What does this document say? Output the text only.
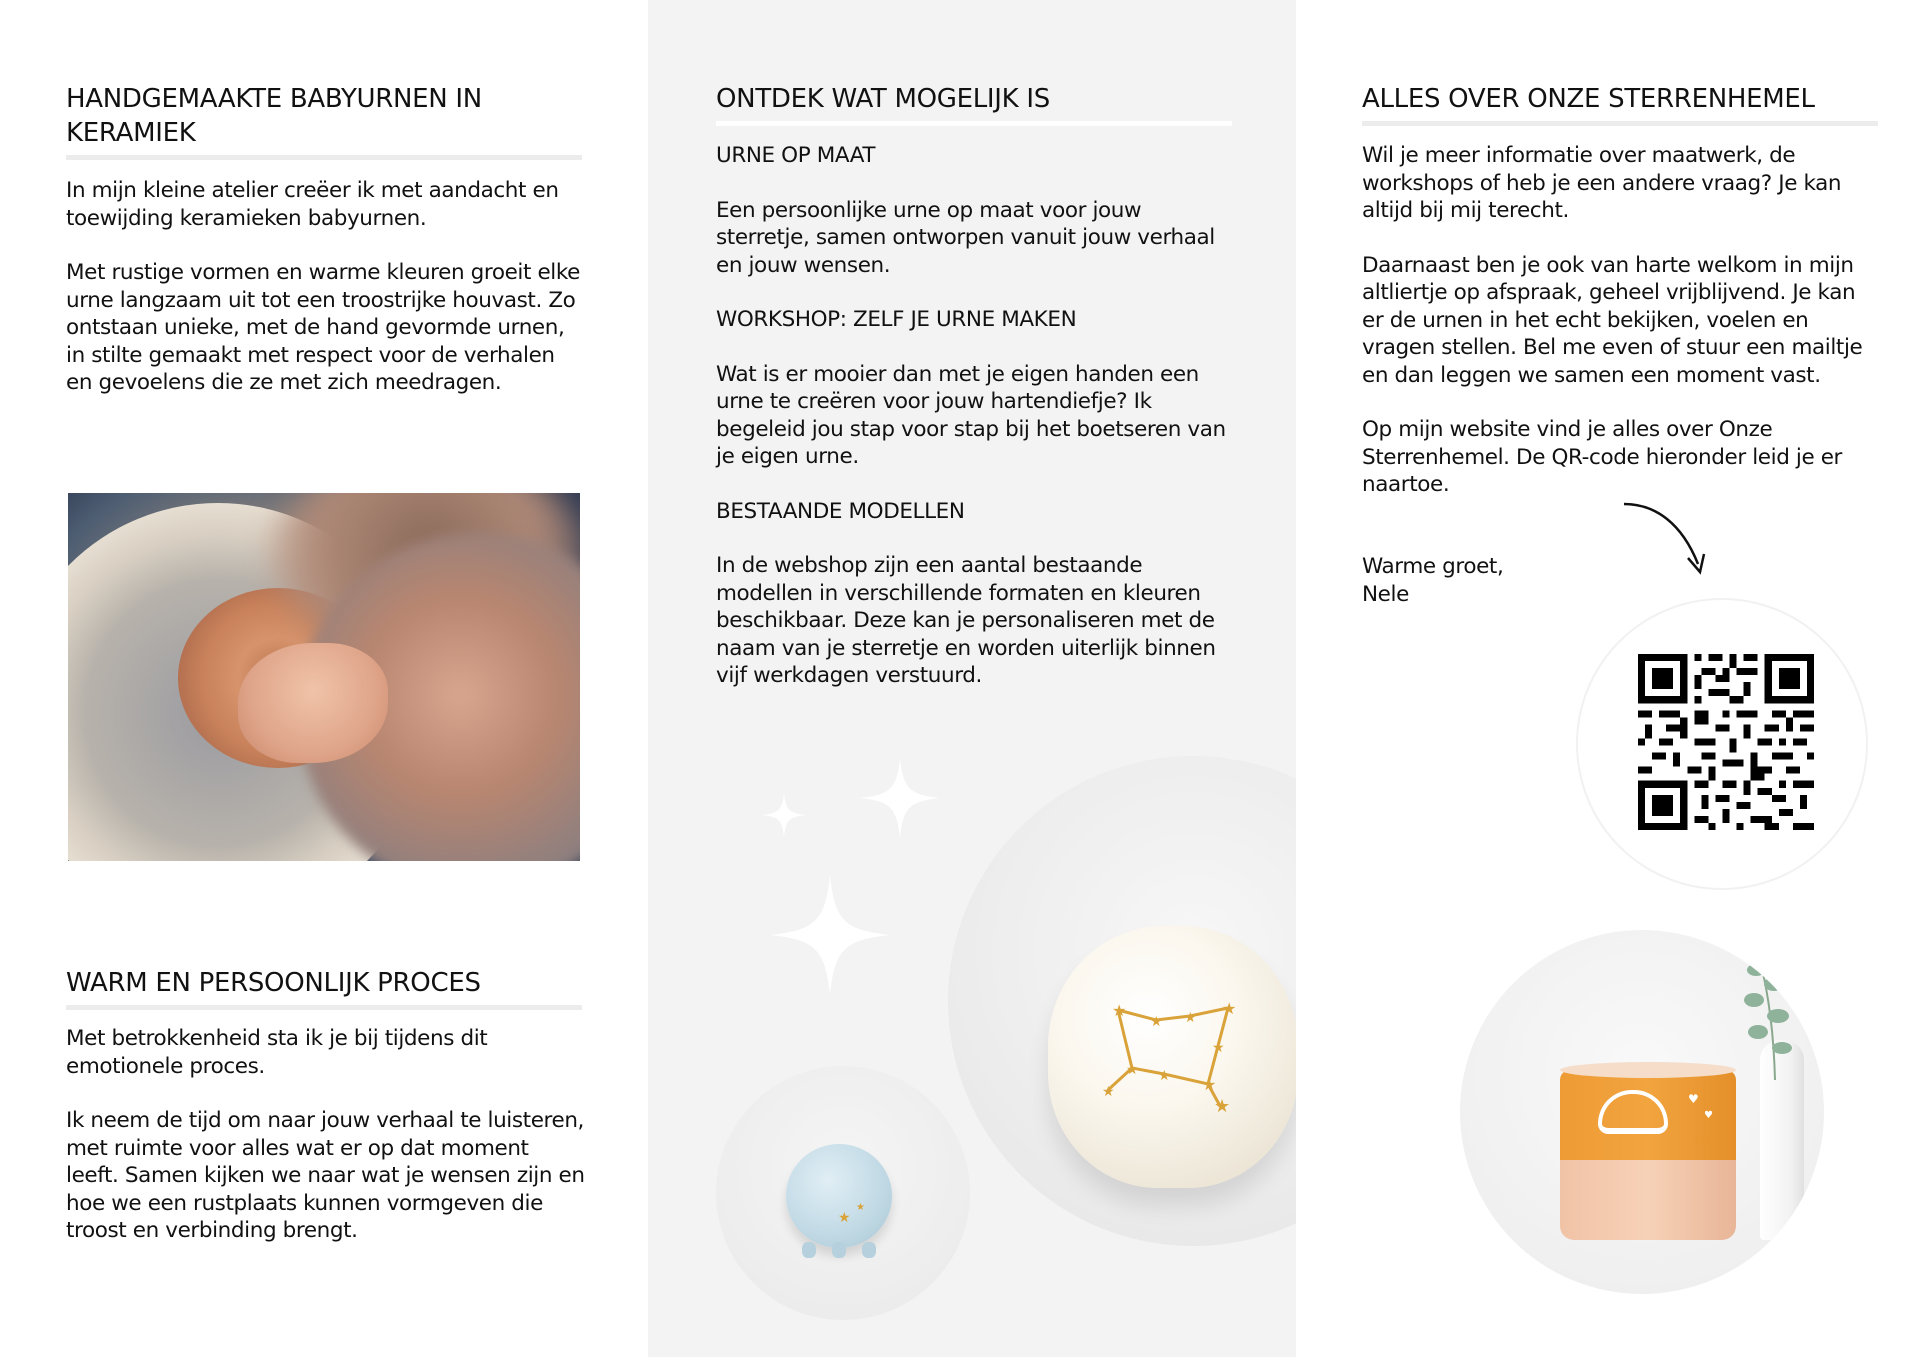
HANDGEMAAKTE BABYURNEN IN KERAMIEK

In mijn kleine atelier creëer ik met aandacht en toewijding keramieken babyurnen.

Met rustige vormen en warme kleuren groeit elke urne langzaam uit tot een troostrijke houvast. Zo ontstaan unieke, met de hand gevormde urnen, in stilte gemaakt met respect voor de verhalen en gevoelens die ze met zich meedragen.

WARM EN PERSOONLIJK PROCES

Met betrokkenheid sta ik je bij tijdens dit emotionele proces.

Ik neem de tijd om naar jouw verhaal te luisteren, met ruimte voor alles wat er op dat moment leeft. Samen kijken we naar wat je wensen zijn en hoe we een rustplaats kunnen vormgeven die troost en verbinding brengt.

ONTDEK WAT MOGELIJK IS

URNE OP MAAT

Een persoonlijke urne op maat voor jouw sterretje, samen ontworpen vanuit jouw verhaal en jouw wensen.

WORKSHOP: ZELF JE URNE MAKEN

Wat is er mooier dan met je eigen handen een urne te creëren voor jouw hartendiefje? Ik begeleid jou stap voor stap bij het boetseren van je eigen urne.

BESTAANDE MODELLEN

In de webshop zijn een aantal bestaande modellen in verschillende formaten en kleuren beschikbaar. Deze kan je personaliseren met de naam van je sterretje en worden uiterlijk binnen vijf werkdagen verstuurd.

★
★ ★ ★
★
★
★
★
★
★
★
★
ALLES OVER ONZE STERRENHEMEL

Wil je meer informatie over maatwerk, de workshops of heb je een andere vraag? Je kan altijd bij mij terecht.

Daarnaast ben je ook van harte welkom in mijn altliertje op afspraak, geheel vrijblijvend. Je kan er de urnen in het echt bekijken, voelen en vragen stellen. Bel me even of stuur een mailtje en dan leggen we samen een moment vast.

Op mijn website vind je alles over Onze Sterrenhemel. De QR-code hieronder leid je er naartoe.

Warme groet,
Nele
♥
♥
